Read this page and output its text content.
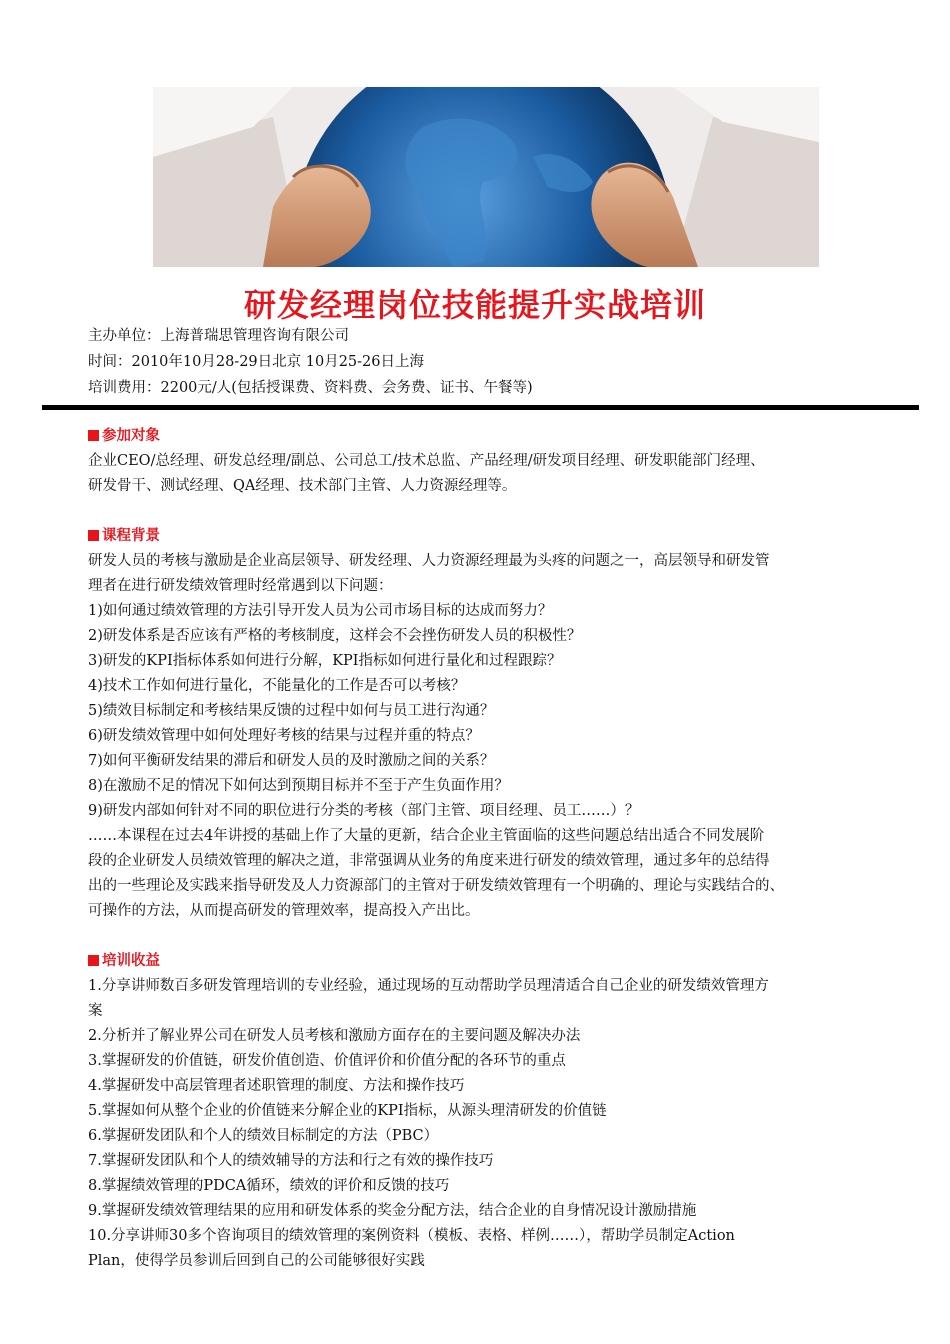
研发经理岗位技能提升实战培训
主办单位：上海普瑞思管理咨询有限公司
时间：2010年10月28-29日北京 10月25-26日上海
培训费用：2200元/人(包括授课费、资料费、会务费、证书、午餐等)
参加对象
企业CEO/总经理、研发总经理/副总、公司总工/技术总监、产品经理/研发项目经理、研发职能部门经理、
研发骨干、测试经理、QA经理、技术部门主管、人力资源经理等。
课程背景
研发人员的考核与激励是企业高层领导、研发经理、人力资源经理最为头疼的问题之一，高层领导和研发管
理者在进行研发绩效管理时经常遇到以下问题：
1)如何通过绩效管理的方法引导开发人员为公司市场目标的达成而努力？
2)研发体系是否应该有严格的考核制度，这样会不会挫伤研发人员的积极性？
3)研发的KPI指标体系如何进行分解，KPI指标如何进行量化和过程跟踪？
4)技术工作如何进行量化，不能量化的工作是否可以考核？
5)绩效目标制定和考核结果反馈的过程中如何与员工进行沟通？
6)研发绩效管理中如何处理好考核的结果与过程并重的特点？
7)如何平衡研发结果的滞后和研发人员的及时激励之间的关系？
8)在激励不足的情况下如何达到预期目标并不至于产生负面作用？
9)研发内部如何针对不同的职位进行分类的考核（部门主管、项目经理、员工……）？
……本课程在过去4年讲授的基础上作了大量的更新，结合企业主管面临的这些问题总结出适合不同发展阶
段的企业研发人员绩效管理的解决之道，非常强调从业务的角度来进行研发的绩效管理，通过多年的总结得
出的一些理论及实践来指导研发及人力资源部门的主管对于研发绩效管理有一个明确的、理论与实践结合的、
可操作的方法，从而提高研发的管理效率，提高投入产出比。
培训收益
1.分享讲师数百多研发管理培训的专业经验，通过现场的互动帮助学员理清适合自己企业的研发绩效管理方
案
2.分析并了解业界公司在研发人员考核和激励方面存在的主要问题及解决办法
3.掌握研发的价值链，研发价值创造、价值评价和价值分配的各环节的重点
4.掌握研发中高层管理者述职管理的制度、方法和操作技巧
5.掌握如何从整个企业的价值链来分解企业的KPI指标，从源头理清研发的价值链
6.掌握研发团队和个人的绩效目标制定的方法（PBC）
7.掌握研发团队和个人的绩效辅导的方法和行之有效的操作技巧
8.掌握绩效管理的PDCA循环，绩效的评价和反馈的技巧
9.掌握研发绩效管理结果的应用和研发体系的奖金分配方法，结合企业的自身情况设计激励措施
10.分享讲师30多个咨询项目的绩效管理的案例资料（模板、表格、样例……），帮助学员制定Action
Plan，使得学员参训后回到自己的公司能够很好实践
